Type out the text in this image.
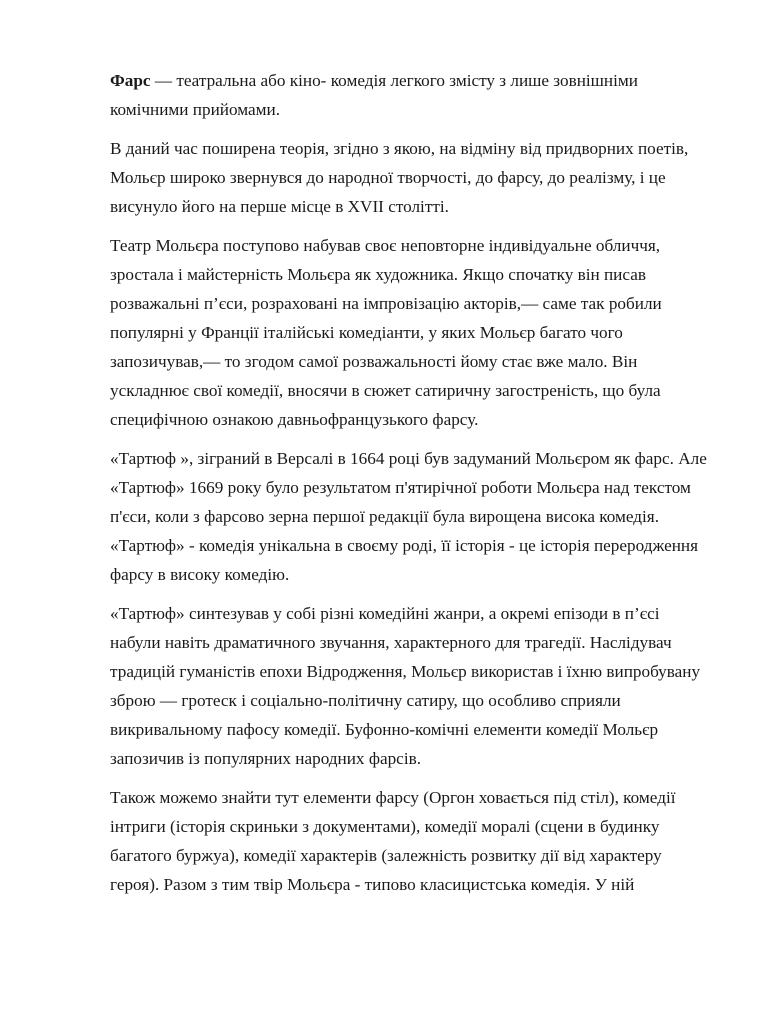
Фарс — театральна або кіно- комедія легкого змісту з лише зовнішніми комічними прийомами.

В даний час поширена теорія, згідно з якою, на відміну від придворних поетів, Мольєр широко звернувся до народної творчості, до фарсу, до реалізму, і це висунуло його на перше місце в XVII столітті.

Театр Мольєра поступово набував своє неповторне індивідуальне обличчя, зростала і майстерність Мольєра як художника. Якщо спочатку він писав розважальні п’єси, розраховані на імпровізацію акторів,— саме так робили популярні у Франції італійські комедіанти, у яких Мольєр багато чого запозичував,— то згодом самої розважальності йому стає вже мало. Він ускладнює свої комедії, вносячи в сюжет сатиричну загостреність, що була специфічною ознакою давньофранцузького фарсу.

«Тартюф », зіграний в Версалі в 1664 році був задуманий Мольєром як фарс. Але «Тартюф» 1669 року було результатом п'ятирічної роботи Мольєра над текстом п'єси, коли з фарсово зерна першої редакції була вирощена висока комедія. «Тартюф» - комедія унікальна в своєму роді, її історія - це історія переродження фарсу в високу комедію.

«Тартюф» синтезував у собі різні комедійні жанри, а окремі епізоди в п’єсі набули навіть драматичного звучання, характерного для трагедії. Наслідувач традицій гуманістів епохи Відродження, Мольєр використав і їхню випробувану зброю — гротеск і соціально-політичну сатиру, що особливо сприяли викривальному пафосу комедії. Буфонно-комічні елементи комедії Мольєр запозичив із популярних народних фарсів.

Також можемо знайти тут елементи фарсу (Оргон ховається під стіл), комедії інтриги (історія скриньки з документами), комедії моралі (сцени в будинку багатого буржуа), комедії характерів (залежність розвитку дії від характеру героя). Разом з тим твір Мольєра - типово класицистська комедія. У ній
